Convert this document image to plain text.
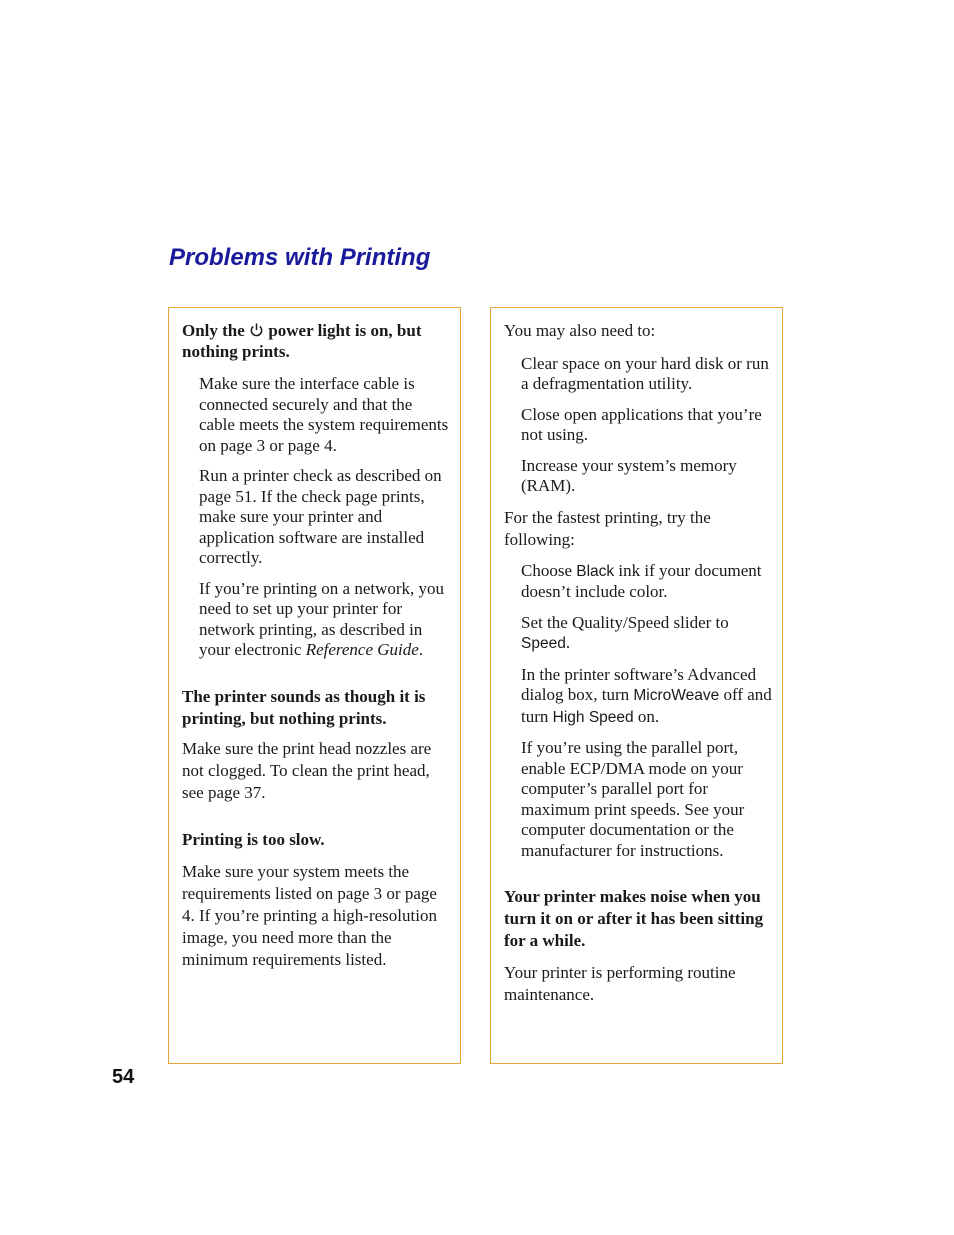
Problems with Printing

Only the power light is on, but nothing prints.

Make sure the interface cable is connected securely and that the cable meets the system requirements on page 3 or page 4.

Run a printer check as described on page 51. If the check page prints, make sure your printer and application software are installed correctly.

If you’re printing on a network, you need to set up your printer for network printing, as described in your electronic Reference Guide.

The printer sounds as though it is printing, but nothing prints.

Make sure the print head nozzles are not clogged. To clean the print head, see page 37.

Printing is too slow.

Make sure your system meets the requirements listed on page 3 or page 4. If you’re printing a high-resolution image, you need more than the minimum requirements listed.

You may also need to:

Clear space on your hard disk or run a defragmentation utility.

Close open applications that you’re not using.

Increase your system’s memory (RAM).

For the fastest printing, try the following:

Choose Black ink if your document doesn’t include color.

Set the Quality/Speed slider to Speed.

In the printer software’s Advanced dialog box, turn MicroWeave off and turn High Speed on.

If you’re using the parallel port, enable ECP/DMA mode on your computer’s parallel port for maximum print speeds. See your computer documentation or the manufacturer for instructions.

Your printer makes noise when you turn it on or after it has been sitting for a while.

Your printer is performing routine maintenance.

54
